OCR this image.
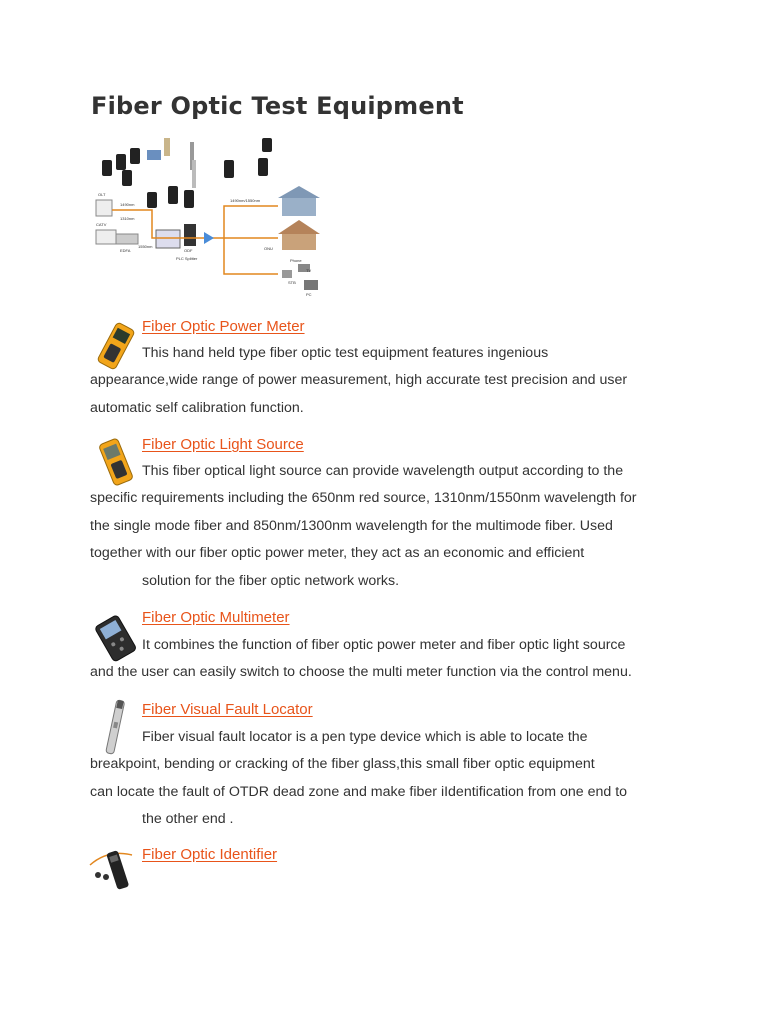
Fiber Optic Test Equipment
OLT
1490nm
1310nm
CATV
EDFA
1550nm
ODF
PLC Splitter
ONU
Phone
STB
TV
PC
1490nm/1550nm
Fiber Optic Power Meter

This hand held type fiber optic test equipment features ingenious
appearance,wide range of power measurement, high accurate test precision and user
automatic self calibration function.

Fiber Optic Light Source

This fiber optical light source can provide wavelength output according to the
specific requirements including the 650nm red source, 1310nm/1550nm wavelength for
the single mode fiber and 850nm/1300nm wavelength for the multimode fiber. Used
together with our fiber optic power meter, they act as an economic and efficient
solution for the fiber optic network works.

Fiber Optic Multimeter

It combines the function of fiber optic power meter and fiber optic light source
and the user can easily switch to choose the multi meter function via the control menu.

Fiber Visual Fault Locator

Fiber visual fault locator is a pen type device which is able to locate the
breakpoint, bending or cracking of the fiber glass,this small fiber optic equipment
can locate the fault of OTDR dead zone and make fiber iIdentification from one end to
the other end .

Fiber Optic Identifier
